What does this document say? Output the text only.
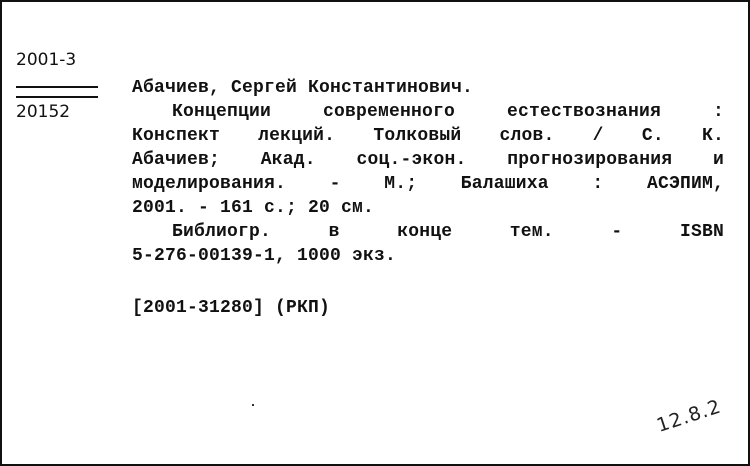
2001-3
20152
Абачиев, Сергей Константинович.
Концепции современного естествознания :
Конспект лекций. Толковый слов. / С. К.
Абачиев; Акад. соц.-экон. прогнозирования и
моделирования. - М.; Балашиха : АСЭПИМ,
2001. - 161 с.; 20 см.
Библиогр. в конце тем. - ISBN
5-276-00139-1, 1000 экз.
[2001-31280] (РКП)
12.8.2
